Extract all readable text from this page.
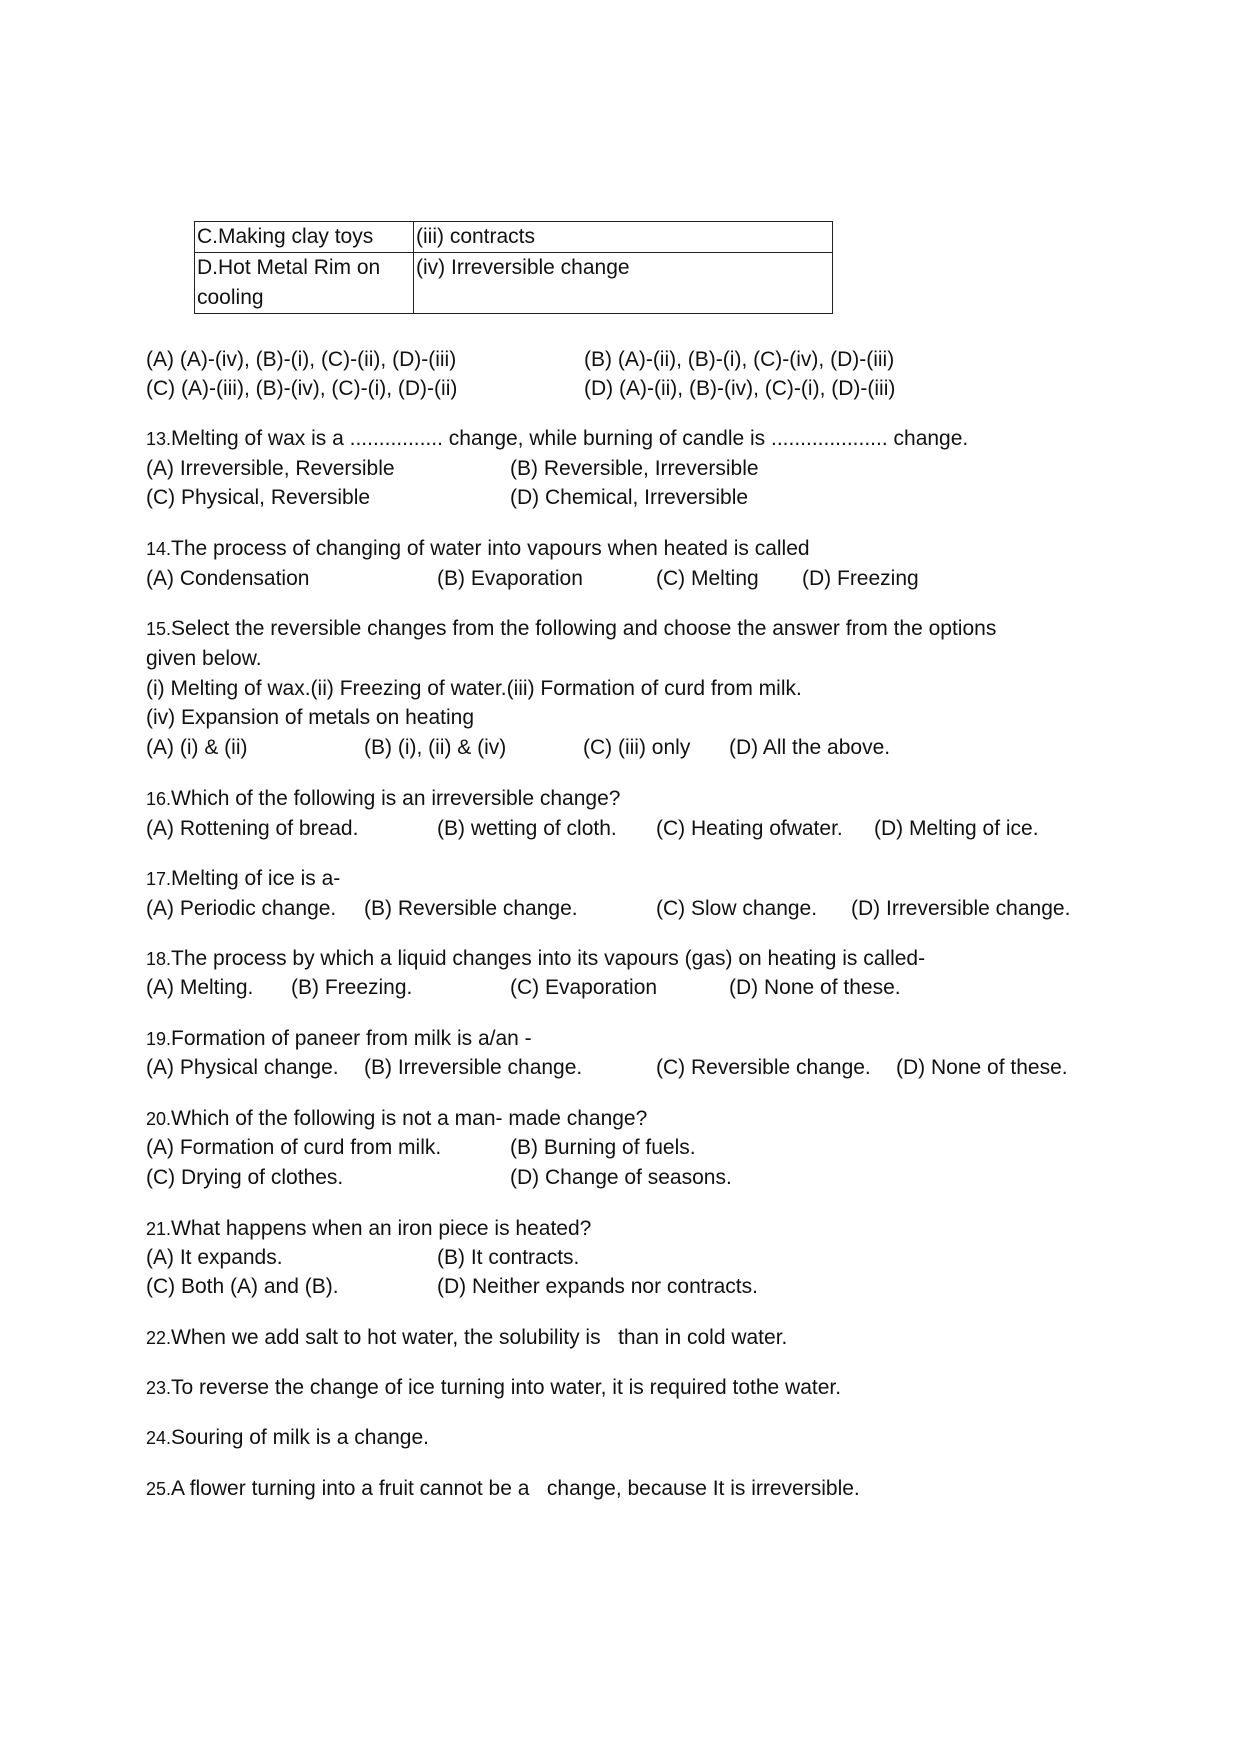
C.Making clay toys	(iii) contracts
D.Hot Metal Rim on
cooling	(iv) Irreversible change
(A) (A)-(iv), (B)-(i), (C)-(ii), (D)-(iii)	(B) (A)-(ii), (B)-(i), (C)-(iv), (D)-(iii)
(C) (A)-(iii), (B)-(iv), (C)-(i), (D)-(ii)	(D) (A)-(ii), (B)-(iv), (C)-(i), (D)-(iii)
13.Melting of wax is a ................ change, while burning of candle is .................... change.
(A) Irreversible, Reversible	(B) Reversible, Irreversible
(C) Physical, Reversible	(D) Chemical, Irreversible
14.The process of changing of water into vapours when heated is called
(A) Condensation	(B) Evaporation	(C) Melting (D) Freezing
15.Select the reversible changes from the following and choose the answer from the options
given below.
(i) Melting of wax.(ii) Freezing of water.(iii) Formation of curd from milk.
(iv) Expansion of metals on heating
(A) (i) & (ii)	(B) (i), (ii) & (iv)	(C) (iii) only (D) All the above.
16.Which of the following is an irreversible change?
(A) Rottening of bread.	(B) wetting of cloth. (C) Heating ofwater. (D) Melting of ice.
17.Melting of ice is a-
(A) Periodic change. (B) Reversible change.	(C) Slow change. (D) Irreversible change.
18.The process by which a liquid changes into its vapours (gas) on heating is called-
(A) Melting. (B) Freezing.	(C) Evaporation	(D) None of these.
19.Formation of paneer from milk is a/an -
(A) Physical change. (B) Irreversible change.	(C) Reversible change. (D) None of these.
20.Which of the following is not a man- made change?
(A) Formation of curd from milk.	(B) Burning of fuels.
(C) Drying of clothes.	(D) Change of seasons.
21.What happens when an iron piece is heated?
(A) It expands.	(B) It contracts.
(C) Both (A) and (B).	(D) Neither expands nor contracts.
22.When we add salt to hot water, the solubility is   than in cold water.
23.To reverse the change of ice turning into water, it is required tothe water.
24.Souring of milk is a change.
25.A flower turning into a fruit cannot be a   change, because It is irreversible.
